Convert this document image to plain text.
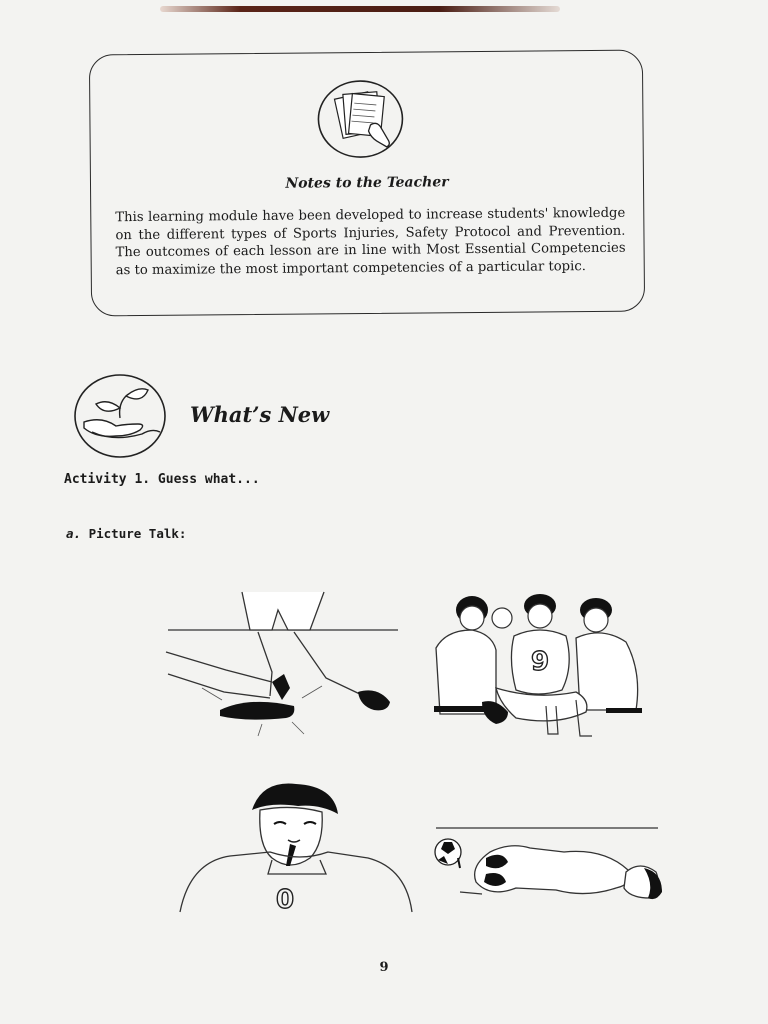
Notes to the Teacher
This learning module have been developed to increase students' knowledge on the different types of Sports Injuries, Safety Protocol and Prevention. The outcomes of each lesson are in line with Most Essential Competencies as to maximize the most important competencies of a particular topic.
What’s New
Activity 1. Guess what...
a. Picture Talk:
9
0
9
